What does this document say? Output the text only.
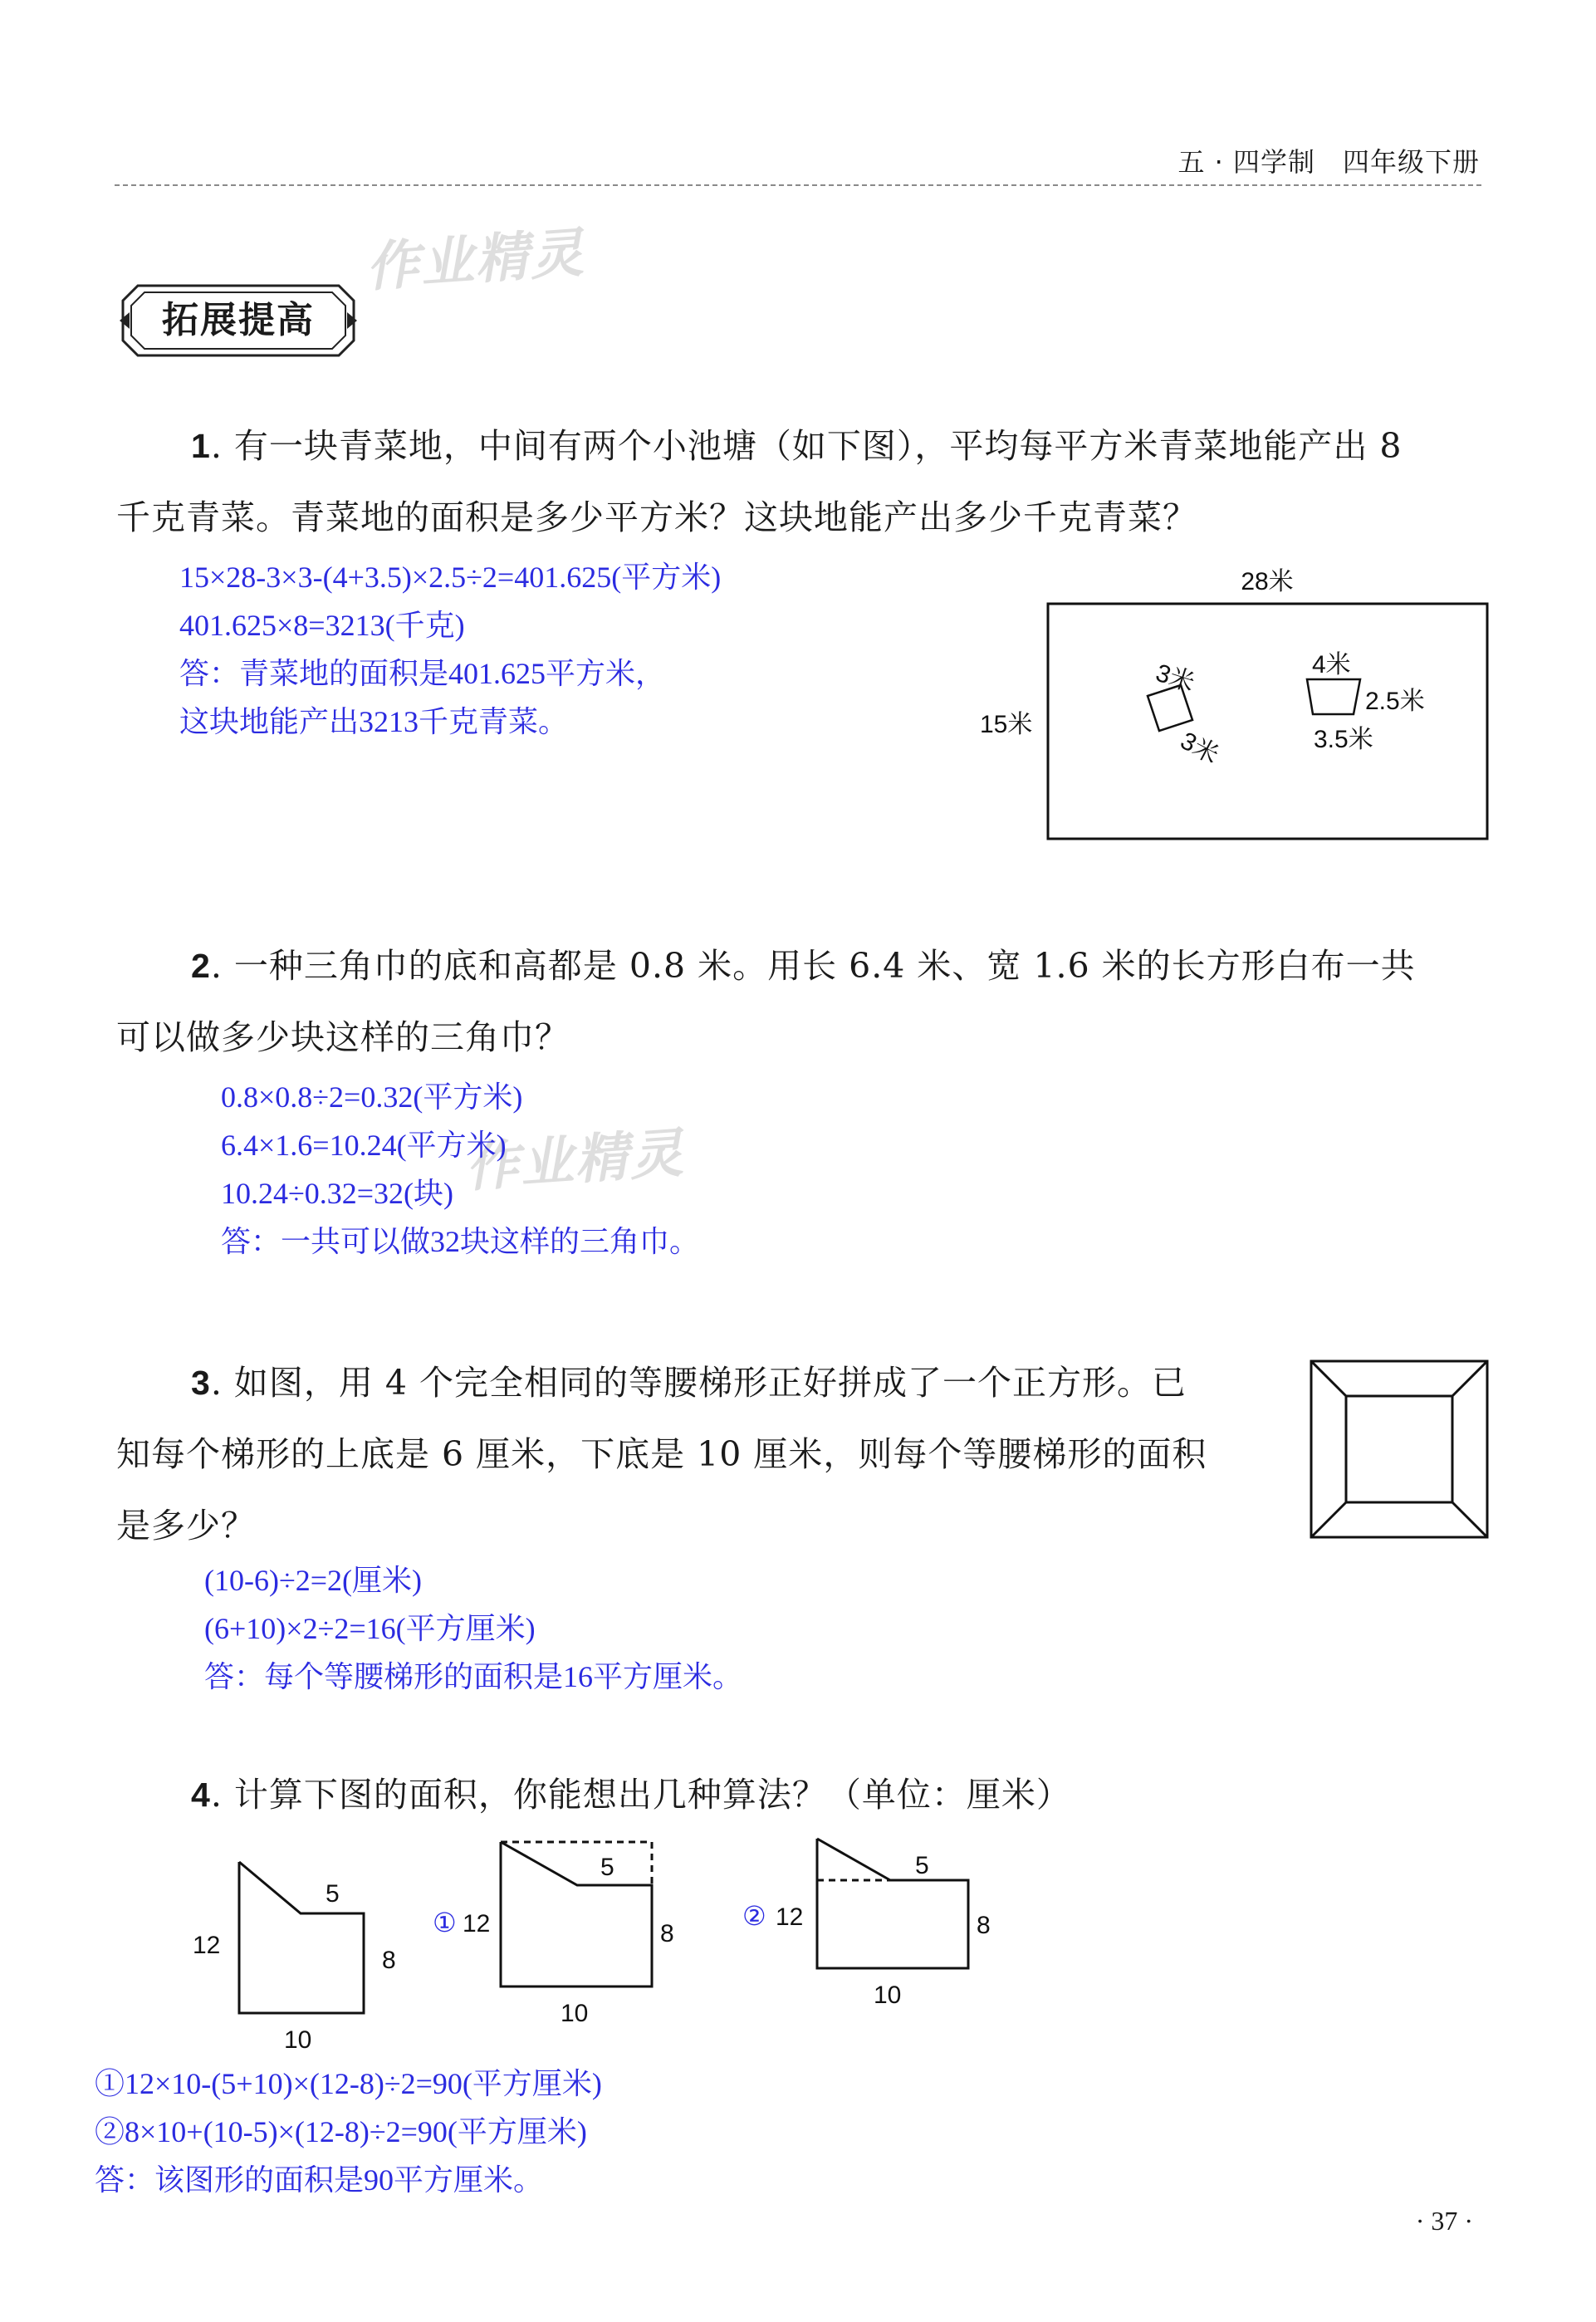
五 · 四学制　四年级下册
作业精灵
作业精灵
拓展提高
1. 有一块青菜地，中间有两个小池塘（如下图），平均每平方米青菜地能产出 8
千克青菜。青菜地的面积是多少平方米？这块地能产出多少千克青菜？
15×28-3×3-(4+3.5)×2.5÷2=401.625(平方米)
401.625×8=3213(千克)
答：青菜地的面积是401.625平方米，
这块地能产出3213千克青菜。
28米
15米
3米
3米
4米
2.5米
3.5米
2. 一种三角巾的底和高都是 0.8 米。用长 6.4 米、宽 1.6 米的长方形白布一共
可以做多少块这样的三角巾？
0.8×0.8÷2=0.32(平方米)
6.4×1.6=10.24(平方米)
10.24÷0.32=32(块)
答：一共可以做32块这样的三角巾。
3. 如图，用 4 个完全相同的等腰梯形正好拼成了一个正方形。已
知每个梯形的上底是 6 厘米，下底是 10 厘米，则每个等腰梯形的面积
是多少？
(10-6)÷2=2(厘米)
(6+10)×2÷2=16(平方厘米)
答：每个等腰梯形的面积是16平方厘米。
4. 计算下图的面积，你能想出几种算法？（单位：厘米）
12
5
8
10
① 12
5
8
10
② 12
5
8
10
①12×10-(5+10)×(12-8)÷2=90(平方厘米)
②8×10+(10-5)×(12-8)÷2=90(平方厘米)
答：该图形的面积是90平方厘米。
· 37 ·
